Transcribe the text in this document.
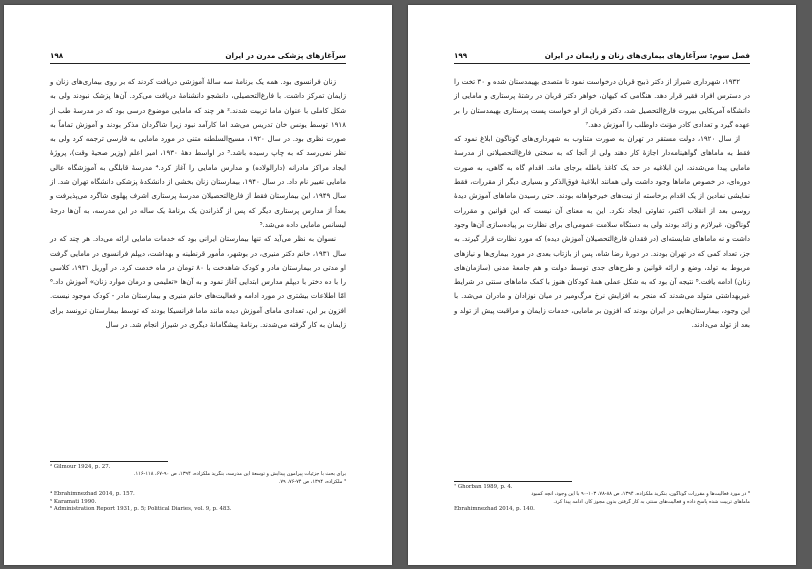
سرآغازهای پزشکی مدرن در ایران
۱۹۸

زنان فرانسوی بود. همه یک برنامهٔ سه سالهٔ آموزشی دریافت کردند که بر روی بیماری‌های زنان و زایمان تمرکز داشت. با فارغ‌التحصیلی، دانشجو دانشنامهٔ دریافت می‌کرد. آن‌ها پزشک نبودند ولی به شکل کاملی با عنوان ماما تربیت شدند.² هر چند که مامایی موضوع درسی بود که در مدرسهٔ طب از ۱۹۱۸ توسط یونس خان تدریس می‌شد اما کارآمد نبود زیرا شاگردان مذکر بودند و آموزش تماماً به صورت نظری بود. در سال ۱۹۲۰، مسیح‌السلطنه متنی در مورد مامایی به فارسی ترجمه کرد ولی به نظر نمی‌رسد که به چاپ رسیده باشد.³ در اواسط دههٔ ۱۹۳۰، امیر اعلم (وزیر صحیهٔ وقت)، پروژهٔ ایجاد مراکز مادرانه (دارالولاده) و مدارس مامایی را آغاز کرد.⁴ مدرسهٔ قابلگی به آموزشگاه عالی مامایی تغییر نام داد. در سال ۱۹۴۰، بیمارستان زنان بخشی از دانشکدهٔ پزشکی دانشگاه تهران شد. از سال ۱۹۴۹، این بیمارستان فقط از فارغ‌التحصیلان مدرسهٔ پرستاری اشرف پهلوی شاگرد می‌پذیرفت و بعداً از مدارس پرستاری دیگر که پس از گذراندن یک برنامهٔ یک ساله در این مدرسه، به آن‌ها درجهٔ لیسانس مامایی داده می‌شد.⁵

نسوان به نظر می‌آید که تنها بیمارستان ایرانی بود که خدمات مامایی ارائه می‌داد. هر چند که در سال ۱۹۳۱، خانم دکتر منیری، در بوشهر، مأمور قرنطینه و بهداشت، دیپلم فرانسوی در مامایی گرفت او مدتی در بیمارستان مادر و کودک شاهدخت با ۸۰ تومان در ماه خدمت کرد. در آوریل ۱۹۳۱، کلاسی را با ده دختر با دیپلم مدارس ابتدایی آغاز نمود و به آن‌ها «تعلیمی و درمان موارد زنان» آموزش داد.⁶ امّا اطلاعات بیشتری در مورد ادامه و فعالیت‌های خانم منیری و بیمارستان مادر - کودک موجود نیست. افزون بر این، تعدادی مامای آموزش دیده مانند ماما فرانسیکا بودند که توسط بیمارستان ترونسد برای زایمان به کار گرفته می‌شدند. برنامهٔ پیشگامانهٔ دیگری در شیراز انجام شد. در سال

² Gilmour 1924, p. 27.

برای بحث با جزئیات پیرامون پیدایش و توسعهٔ این مدرسه، بنگرید ملکزاده، ۱۳۹۴، ص ۹۰-۶۷، ۱۱۸-۱۱۶.

³ ملکزاده، ۱۳۹۴، ص ۷۴-۷۶، ۷۹.

⁴ Ebrahimnezhad 2014, p. 157.

⁵ Karamati 1990.

⁶ Administration Report 1931, p. 5; Political Diaries, vol. 9, p. 483.

فصل سوم: سرآغازهای بیماری‌های زنان و زایمان در ایران
۱۹۹

۱۹۳۲، شهرداری شیراز از دکتر ذبیح قربان درخواست نمود تا متصدی بهیمدستان شده و ۳۰ تخت را در دسترس افراد فقیر قرار دهد. هنگامی که کیهان، خواهر دکتر قربان در رشتهٔ پرستاری و مامایی از دانشگاه آمریکایی بیروت فارغ‌التحصیل شد، دکتر قربان از او خواست پست پرستاری بهیمدستان را بر عهده گیرد و تعدادی کادر مؤنث داوطلب را آموزش دهد.⁷

از سال ۱۹۲۰، دولت مستقر در تهران به صورت متناوب به شهرداری‌های گوناگون ابلاغ نمود که فقط به ماماهای گواهینامه‌دار اجازهٔ کار دهند ولی از آنجا که به سختی فارغ‌التحصیلانی از مدرسهٔ مامایی پیدا می‌شدند، این ابلاغیه در حد یک کاغذ باطله برجای ماند. اقدام گاه به گاهی، به صورت دوره‌ای، در خصوص ماماها وجود داشت ولی همانند ابلاغیهٔ فوق‌الذکر و بسیاری دیگر از مقررات، فقط نمایشی نمادین از یک اقدام برخاسته از نیت‌های خیرخواهانه بودند. حتی رسیدن ماماهای آموزش دیدهٔ روسی بعد از انقلاب اکتبر، تفاوتی ایجاد نکرد. این به معنای آن نیست که این قوانین و مقررات گوناگون، غیرلازم و زائد بودند ولی به دستگاه سلامت عمومی‌ای برای نظارت بر پیاده‌سازی آن‌ها وجود داشت و نه ماماهای شایسته‌ای (در فقدان فارغ‌التحصیلان آموزش دیده) که مورد نظارت قرار گیرند. به جز، تعداد کمی که در تهران بودند. در دورهٔ رضا شاه، پس از بازتاب بعدی در مورد بیماری‌ها و نیازهای مربوط به تولد، وضع و ارائه قوانین و طرح‌های جدی توسط دولت و هم جامعهٔ مدنی (سازمان‌های زنان) ادامه یافت.⁸ نتیجه آن بود که به شکل عملی همهٔ کودکان هنوز با کمک ماماهای سنتی در شرایط غیربهداشتی متولد می‌شدند که منجر به افزایش نرخ مرگ‌ومیر در میان نوزادان و مادران می‌شد. با این وجود، بیمارستان‌هایی در ایران بودند که افزون بر مامایی، خدمات زایمان و مراقبت پیش از تولد و بعد از تولد می‌دادند.

⁷ Ghorban 1989, p. 4.

⁸ در مورد فعالیت‌ها و مقررات گوناگون، بنگرید ملکزاده، ۱۳۹۴، ص ۸۸-۷۸، ۱۰۳-۹۰ با این وجود، آنچه کمبود

ماماهای تربیت شده پاسخ داده و فعالیت‌های سنتی به کار گرفتن بدون مجوز کار، ادامه پیدا کرد.

Ebrahimnezhad 2014, p. 140.
